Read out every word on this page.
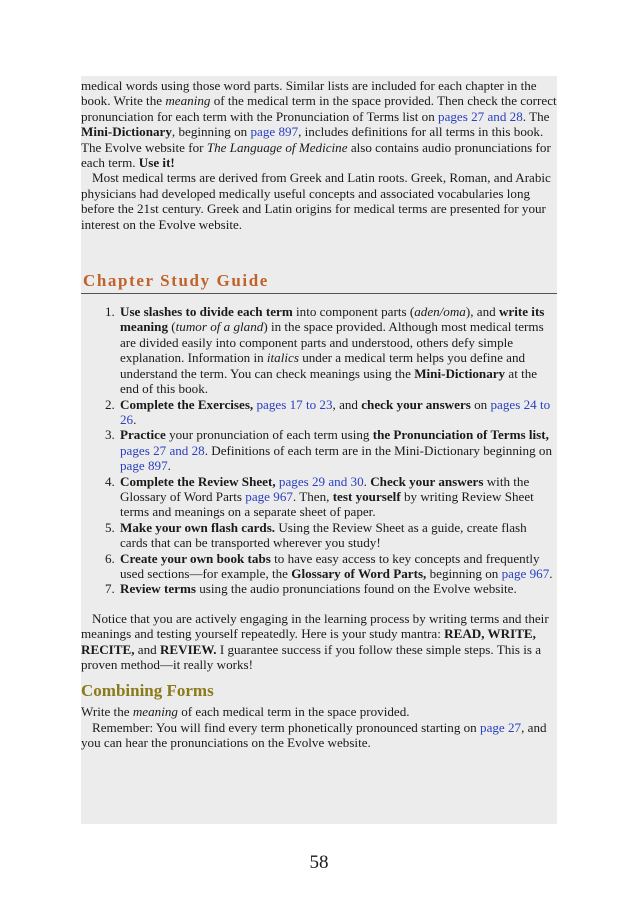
medical words using those word parts. Similar lists are included for each chapter in the book. Write the meaning of the medical term in the space provided. Then check the correct pronunciation for each term with the Pronunciation of Terms list on pages 27 and 28. The Mini-Dictionary, beginning on page 897, includes definitions for all terms in this book. The Evolve website for The Language of Medicine also contains audio pronunciations for each term. Use it!

Most medical terms are derived from Greek and Latin roots. Greek, Roman, and Arabic physicians had developed medically useful concepts and associated vocabularies long before the 21st century. Greek and Latin origins for medical terms are presented for your interest on the Evolve website.

Chapter Study Guide
1. Use slashes to divide each term into component parts (aden/oma), and write its meaning (tumor of a gland) in the space provided. Although most medical terms are divided easily into component parts and understood, others defy simple explanation. Information in italics under a medical term helps you define and understand the term. You can check meanings using the Mini-Dictionary at the end of this book.
2. Complete the Exercises, pages 17 to 23, and check your answers on pages 24 to 26.
3. Practice your pronunciation of each term using the Pronunciation of Terms list, pages 27 and 28. Definitions of each term are in the Mini-Dictionary beginning on page 897.
4. Complete the Review Sheet, pages 29 and 30. Check your answers with the Glossary of Word Parts page 967. Then, test yourself by writing Review Sheet terms and meanings on a separate sheet of paper.
5. Make your own flash cards. Using the Review Sheet as a guide, create flash cards that can be transported wherever you study!
6. Create your own book tabs to have easy access to key concepts and frequently used sections—for example, the Glossary of Word Parts, beginning on page 967.
7. Review terms using the audio pronunciations found on the Evolve website.

Notice that you are actively engaging in the learning process by writing terms and their meanings and testing yourself repeatedly. Here is your study mantra: READ, WRITE, RECITE, and REVIEW. I guarantee success if you follow these simple steps. This is a proven method—it really works!

Combining Forms

Write the meaning of each medical term in the space provided.

Remember: You will find every term phonetically pronounced starting on page 27, and you can hear the pronunciations on the Evolve website.

58
